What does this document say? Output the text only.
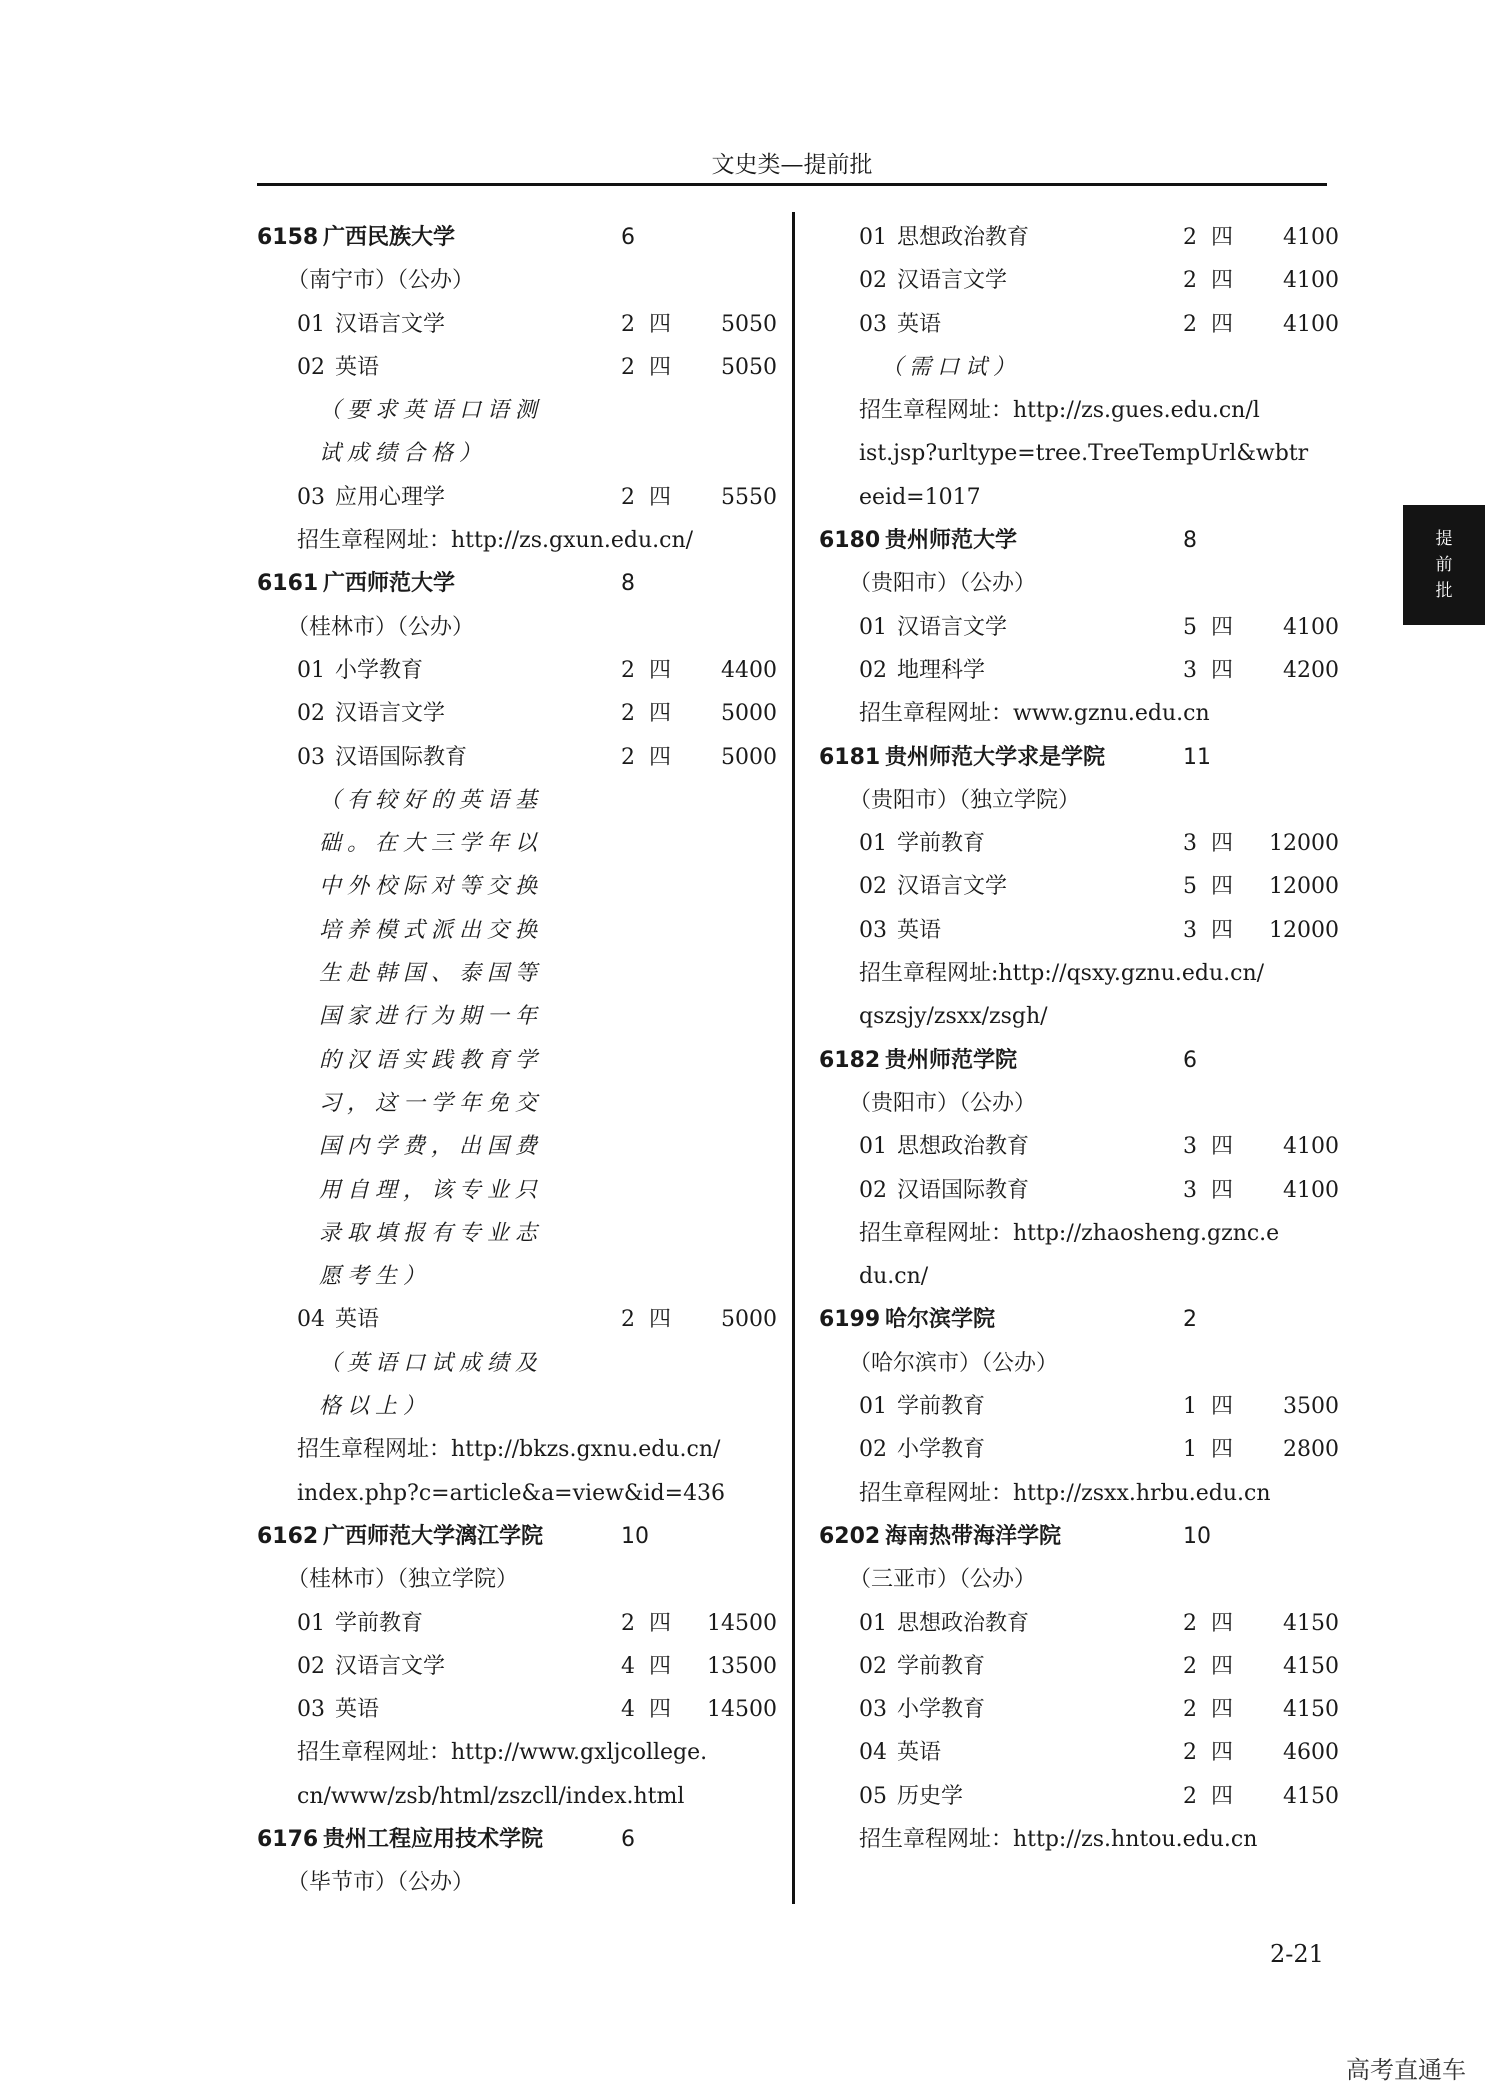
文史类—提前批
6158 广西民族大学	6
（南宁市）（公办）
01 汉语言文学	2 四 5050
02 英语	2 四 5050
（要求英语口语测
试成绩合格）
03 应用心理学	2 四 5550
招生章程网址：http://zs.gxun.edu.cn/
6161 广西师范大学	8
（桂林市）（公办）
01 小学教育	2 四 4400
02 汉语言文学	2 四 5000
03 汉语国际教育	2 四 5000
（有较好的英语基
础。在大三学年以
中外校际对等交换
培养模式派出交换
生赴韩国、泰国等
国家进行为期一年
的汉语实践教育学
习，这一学年免交
国内学费，出国费
用自理，该专业只
录取填报有专业志
愿考生）
04 英语	2 四 5000
（英语口试成绩及
格以上）
招生章程网址：http://bkzs.gxnu.edu.cn/
index.php?c=article&a=view&id=436
6162 广西师范大学漓江学院	10
（桂林市）（独立学院）
01 学前教育	2 四 14500
02 汉语言文学	4 四 13500
03 英语	4 四 14500
招生章程网址：http://www.gxljcollege.
cn/www/zsb/html/zszcll/index.html
6176 贵州工程应用技术学院	6
（毕节市）（公办）
01 思想政治教育	2 四 4100
02 汉语言文学	2 四 4100
03 英语	2 四 4100
（需口试）
招生章程网址：http://zs.gues.edu.cn/l
ist.jsp?urltype=tree.TreeTempUrl&wbtr
eeid=1017
6180 贵州师范大学	8
（贵阳市）（公办）
01 汉语言文学	5 四 4100
02 地理科学	3 四 4200
招生章程网址：www.gznu.edu.cn
6181 贵州师范大学求是学院	11
（贵阳市）（独立学院）
01 学前教育	3 四 12000
02 汉语言文学	5 四 12000
03 英语	3 四 12000
招生章程网址:http://qsxy.gznu.edu.cn/
qszsjy/zsxx/zsgh/
6182 贵州师范学院	6
（贵阳市）（公办）
01 思想政治教育	3 四 4100
02 汉语国际教育	3 四 4100
招生章程网址：http://zhaosheng.gznc.e
du.cn/
6199 哈尔滨学院	2
（哈尔滨市）（公办）
01 学前教育	1 四 3500
02 小学教育	1 四 2800
招生章程网址：http://zsxx.hrbu.edu.cn
6202 海南热带海洋学院	10
（三亚市）（公办）
01 思想政治教育	2 四 4150
02 学前教育	2 四 4150
03 小学教育	2 四 4150
04 英语	2 四 4600
05 历史学	2 四 4150
招生章程网址：http://zs.hntou.edu.cn
提
前
批
2-21
高考直通车
